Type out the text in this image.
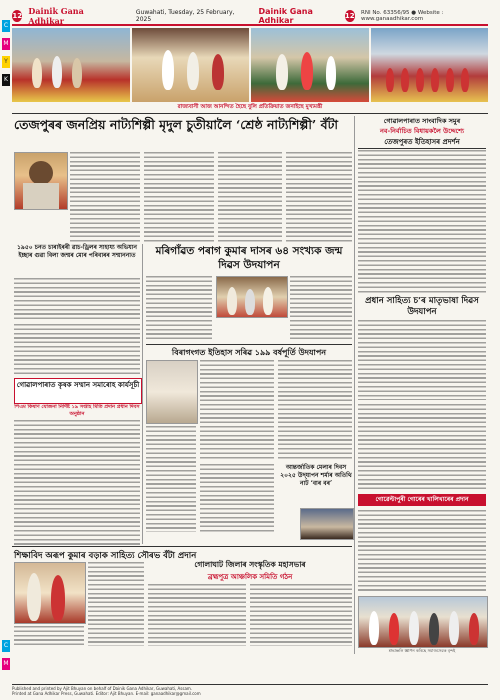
C
M
Y
K
C
M
12 Dainik Gana Adhikar
Guwahati, Tuesday, 25 February, 2025
Dainik Gana Adhikar	12 RNI No. 63356/95 ● Website : www.ganaadhikar.com
রাজ্যবাসী আজ আনন্দিত হৈছে বুলি প্ৰতিক্ৰিয়াত জনাইছে মুখ্যমন্ত্ৰী
তেজপুৰৰ জনপ্ৰিয় নাট্যশিল্পী মৃদুল চুতীয়ালৈ ‘শ্ৰেষ্ঠ নাট্যশিল্পী’ বঁটা	গোৱালপাৰাত সাংবাদিক সমুৰ
নব-নিৰ্বাচিত বিধায়কলৈ উদ্দেশ্যে
তেজপুৰত ইতিহাসৰ প্ৰদৰ্শন
১৯৫০ চনত চাৰাইৰৰী ৱাচ-ড্ৰিলৰ সাহায্য অভিযান ইচ্ছাৰ গুৱা বিলা জন্মৰ মোৰ পৰিবাৰৰ সন্মাননাত	মৰিগাঁৱত পৰাগ কুমাৰ দাসৰ ৬৪ সংখ্যক জন্ম দিৱস উদযাপন
প্ৰধান সাহিত্য চ’ৰ মাতৃভাষা দিৱস উদযাপন
গোৱালপাৰাত কৃষক সম্মান সমাৰোহ কাৰ্যসূচী
পিএম কিষাণ যোজনা নিৰ্দিষ্ট ১৯ সপ্তাহ মিতি প্ৰদান প্ৰধান দিবস অনুষ্ঠান
বিৰাগংগত ইতিহাস সৰিৱ ১৯৯ বৰ্ষপূৰ্তি উদযাপন
আন্তৰ্জাতিক মেলাৰ দিবস ২০২৫ উদ্‌যাপন শৰ্মাৰ অতিথি নাট ‘বাৰ বৰ’
গোৱেল্টাপুৰী গোৰেৰ খালিখাৰেৰ প্ৰদান
শিক্ষাবিদ অৰূপ কুমাৰ বড়াক সাহিত্য সৌৰভ বঁটা প্ৰদান
গোলাঘাট জিলাৰ সংস্কৃতিক মহাসভাৰ
ব্ৰহ্মপুত্ৰ আঞ্চলিক সমিতি গঠন
শ্ৰদ্ধাঞ্জলি জ্ঞাপন কৰিছে সমাজসেৱক বৃন্দই
Published and printed by Ajit Bhuyan on behalf of Dainik Gana Adhikar, Guwahati, Assam.
Printed at Gana Adhikar Press, Guwahati. Editor: Ajit Bhuyan. E-mail: ganaadhikar@gmail.com
